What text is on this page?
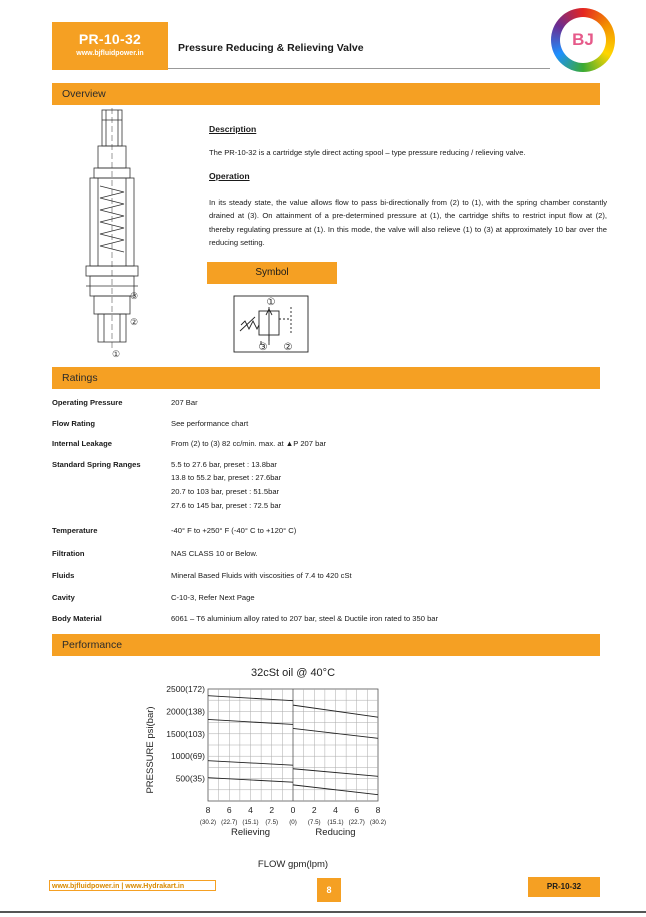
PR-10-32
www.bjfluidpower.in	Pressure Reducing & Relieving Valve	BJ
Overview
③
②
①
Description
The PR-10-32 is a cartridge style direct acting spool – type pressure reducing / relieving valve.
Operation
In its steady state, the value allows flow to pass bi-directionally from (2) to (1), with the spring chamber constantly drained at (3). On attainment of a pre-determined pressure at (1), the cartridge shifts to restrict input flow at (2), thereby regulating pressure at (1). In this mode, the valve will also relieve (1) to (3) at approximately 10 bar over the reducing setting.
Symbol
①
③ ②
Ratings
Operating Pressure	207 Bar
Flow Rating	See performance chart
Internal Leakage	From (2) to (3) 82 cc/min. max. at ▲P 207 bar
Standard Spring Ranges	5.5 to 27.6 bar, preset : 13.8bar
13.8 to 55.2 bar, preset : 27.6bar
20.7 to 103 bar, preset : 51.5bar
27.6 to 145 bar, preset : 72.5 bar
Temperature	-40° F to +250° F (-40° C to +120° C)
Filtration	NAS CLASS 10 or Below.
Fluids	Mineral Based Fluids with viscosities of 7.4 to 420 cSt
Cavity	C-10-3, Refer Next Page
Body Material	6061 – T6 aluminium alloy rated to 207 bar, steel & Ductile iron rated to 350 bar
Performance
32cSt oil @ 40°C
PRESSURE psi(bar)
FLOW gpm(lpm)
2500(172)
2000(138)
1500(103)
1000(69)
500(35)
8
(30.2)
6
(22.7)
4
(15.1)
2
(7.5)
0
(0)
2
(7.5)
4
(15.1)
6
(22.7)
8
(30.2)
Relieving	Reducing
www.bjfluidpower.in | www.Hydrakart.in	8	PR-10-32
